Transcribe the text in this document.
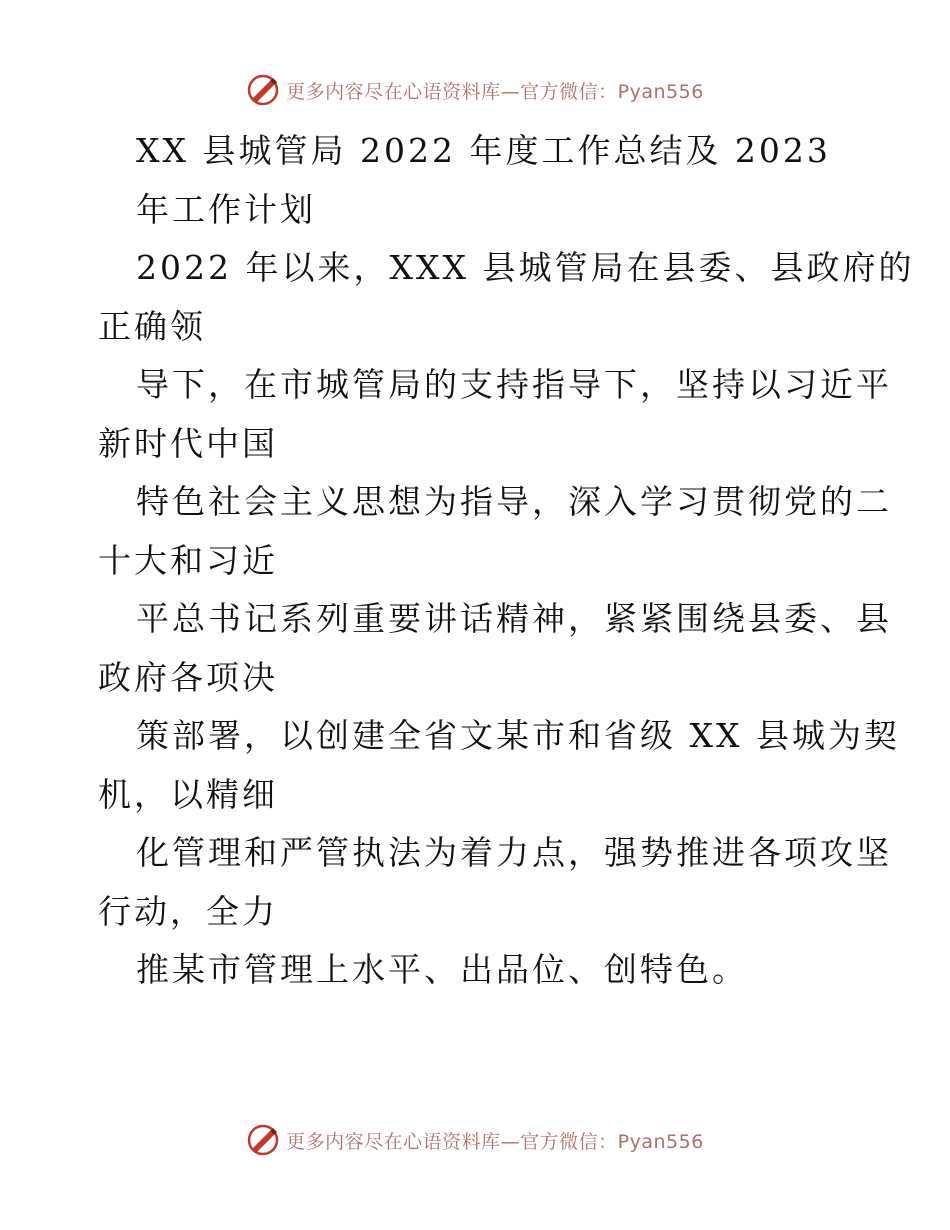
更多内容尽在心语资料库—官方微信：Pyan556
XX 县城管局 2022 年度工作总结及 2023
年工作计划
2022 年以来，XXX 县城管局在县委、县政府的
正确领
导下，在市城管局的支持指导下，坚持以习近平
新时代中国
特色社会主义思想为指导，深入学习贯彻党的二
十大和习近
平总书记系列重要讲话精神，紧紧围绕县委、县
政府各项决
策部署，以创建全省文某市和省级 XX 县城为契
机，以精细
化管理和严管执法为着力点，强势推进各项攻坚
行动，全力
推某市管理上水平、出品位、创特色。
更多内容尽在心语资料库—官方微信：Pyan556
